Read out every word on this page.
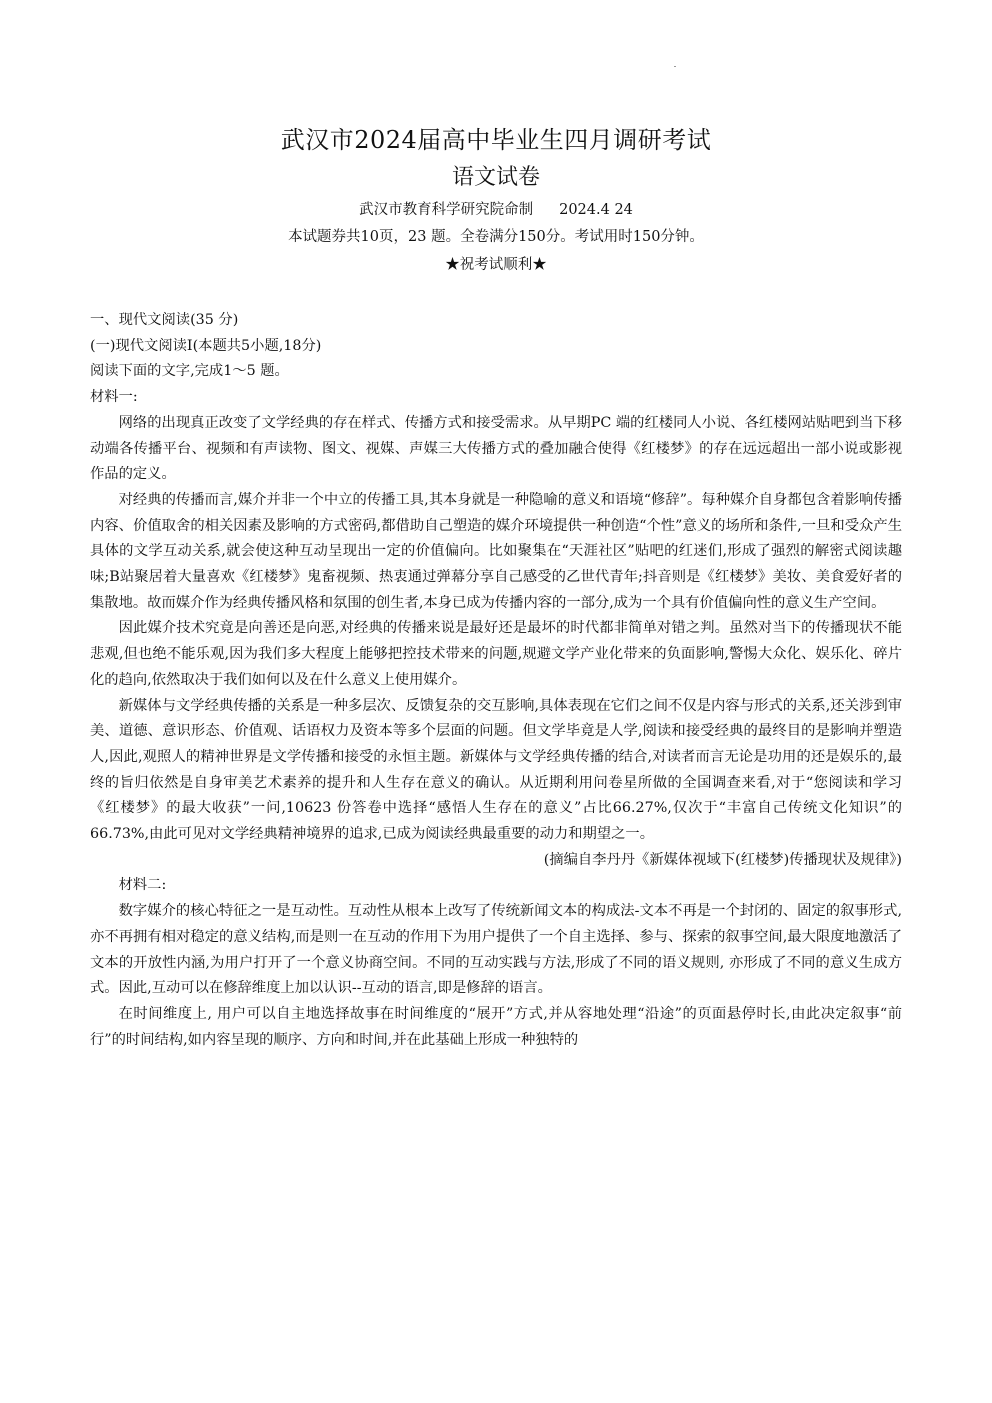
武汉市2024届高中毕业生四月调研考试
语文试卷
武汉市教育科学研究院命制 2024.4 24
本试题券共10页，23 题。全卷满分150分。考试用时150分钟。
★祝考试顺利★
一、现代文阅读(35 分)
(一)现代文阅读Ⅰ(本题共5小题,18分)
阅读下面的文字,完成1～5 题。
材料一:
网络的出现真正改变了文学经典的存在样式、传播方式和接受需求。从早期PC 端的红楼同人小说、各红楼网站贴吧到当下移动端各传播平台、视频和有声读物、图文、视媒、声媒三大传播方式的叠加融合使得《红楼梦》的存在远远超出一部小说或影视作品的定义。
对经典的传播而言,媒介并非一个中立的传播工具,其本身就是一种隐喻的意义和语境“修辞”。每种媒介自身都包含着影响传播内容、价值取舍的相关因素及影响的方式密码,都借助自己塑造的媒介环境提供一种创造“个性”意义的场所和条件,一旦和受众产生具体的文学互动关系,就会使这种互动呈现出一定的价值偏向。比如聚集在“天涯社区”贴吧的红迷们,形成了强烈的解密式阅读趣味;B站聚居着大量喜欢《红楼梦》鬼畜视频、热衷通过弹幕分享自己感受的乙世代青年;抖音则是《红楼梦》美妆、美食爱好者的集散地。故而媒介作为经典传播风格和氛围的创生者,本身已成为传播内容的一部分,成为一个具有价值偏向性的意义生产空间。
因此媒介技术究竟是向善还是向恶,对经典的传播来说是最好还是最坏的时代都非简单对错之判。虽然对当下的传播现状不能悲观,但也绝不能乐观,因为我们多大程度上能够把控技术带来的问题,规避文学产业化带来的负面影响,警惕大众化、娱乐化、碎片化的趋向,依然取决于我们如何以及在什么意义上使用媒介。
新媒体与文学经典传播的关系是一种多层次、反馈复杂的交互影响,具体表现在它们之间不仅是内容与形式的关系,还关涉到审美、道德、意识形态、价值观、话语权力及资本等多个层面的问题。但文学毕竟是人学,阅读和接受经典的最终目的是影响并塑造人,因此,观照人的精神世界是文学传播和接受的永恒主题。新媒体与文学经典传播的结合,对读者而言无论是功用的还是娱乐的,最终的旨归依然是自身审美艺术素养的提升和人生存在意义的确认。从近期利用问卷星所做的全国调查来看,对于“您阅读和学习《红楼梦》的最大收获”一问,10623 份答卷中选择“感悟人生存在的意义”占比66.27%,仅次于“丰富自己传统文化知识”的66.73%,由此可见对文学经典精神境界的追求,已成为阅读经典最重要的动力和期望之一。
(摘编自李丹丹《新媒体视域下(红楼梦)传播现状及规律》)
材料二:
数字媒介的核心特征之一是互动性。互动性从根本上改写了传统新闻文本的构成法-文本不再是一个封闭的、固定的叙事形式,亦不再拥有相对稳定的意义结构,而是则一在互动的作用下为用户提供了一个自主选择、参与、探索的叙事空间,最大限度地激活了文本的开放性内涵,为用户打开了一个意义协商空间。不同的互动实践与方法,形成了不同的语义规则, 亦形成了不同的意义生成方式。因此,互动可以在修辞维度上加以认识--互动的语言,即是修辞的语言。
在时间维度上, 用户可以自主地选择故事在时间维度的“展开”方式,并从容地处理“沿途”的页面悬停时长,由此决定叙事“前行”的时间结构,如内容呈现的顺序、方向和时间,并在此基础上形成一种独特的
